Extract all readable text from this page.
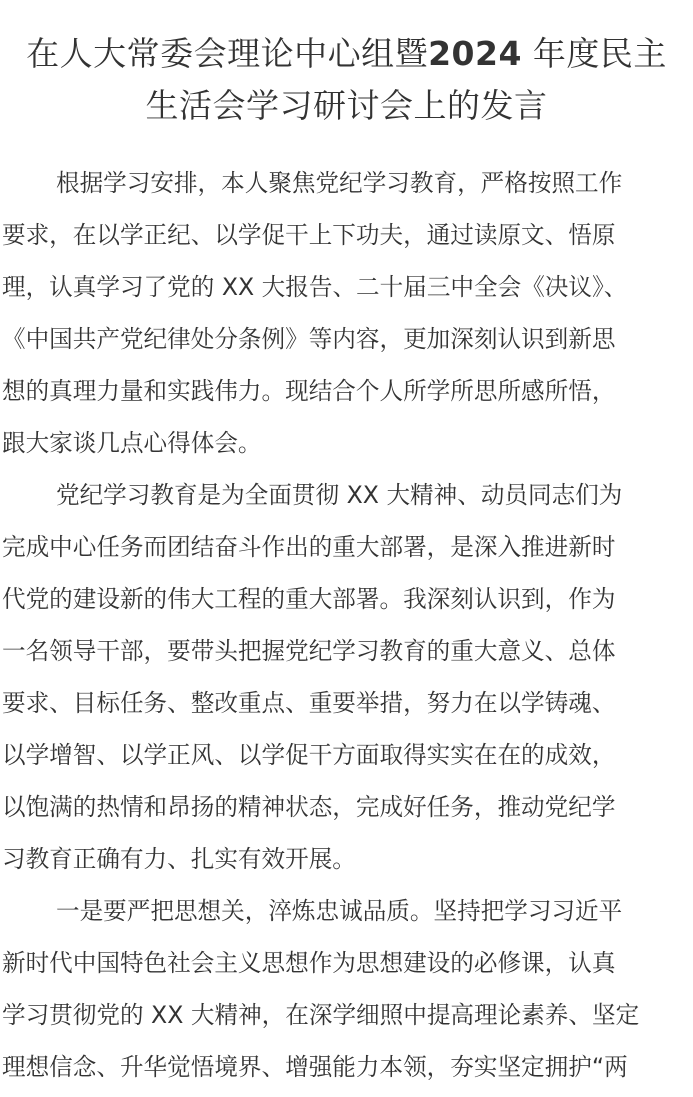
在人大常委会理论中心组暨2024 年度民主
生活会学习研讨会上的发言

根据学习安排，本人聚焦党纪学习教育，严格按照工作
要求，在以学正纪、以学促干上下功夫，通过读原文、悟原
理，认真学习了党的 XX 大报告、二十届三中全会《决议》、
《中国共产党纪律处分条例》等内容，更加深刻认识到新思
想的真理力量和实践伟力。现结合个人所学所思所感所悟，
跟大家谈几点心得体会。

党纪学习教育是为全面贯彻 XX 大精神、动员同志们为
完成中心任务而团结奋斗作出的重大部署，是深入推进新时
代党的建设新的伟大工程的重大部署。我深刻认识到，作为
一名领导干部，要带头把握党纪学习教育的重大意义、总体
要求、目标任务、整改重点、重要举措，努力在以学铸魂、
以学增智、以学正风、以学促干方面取得实实在在的成效，
以饱满的热情和昂扬的精神状态，完成好任务，推动党纪学
习教育正确有力、扎实有效开展。

一是要严把思想关，淬炼忠诚品质。坚持把学习习近平
新时代中国特色社会主义思想作为思想建设的必修课，认真
学习贯彻党的 XX 大精神，在深学细照中提高理论素养、坚定
理想信念、升华觉悟境界、增强能力本领，夯实坚定拥护“两
